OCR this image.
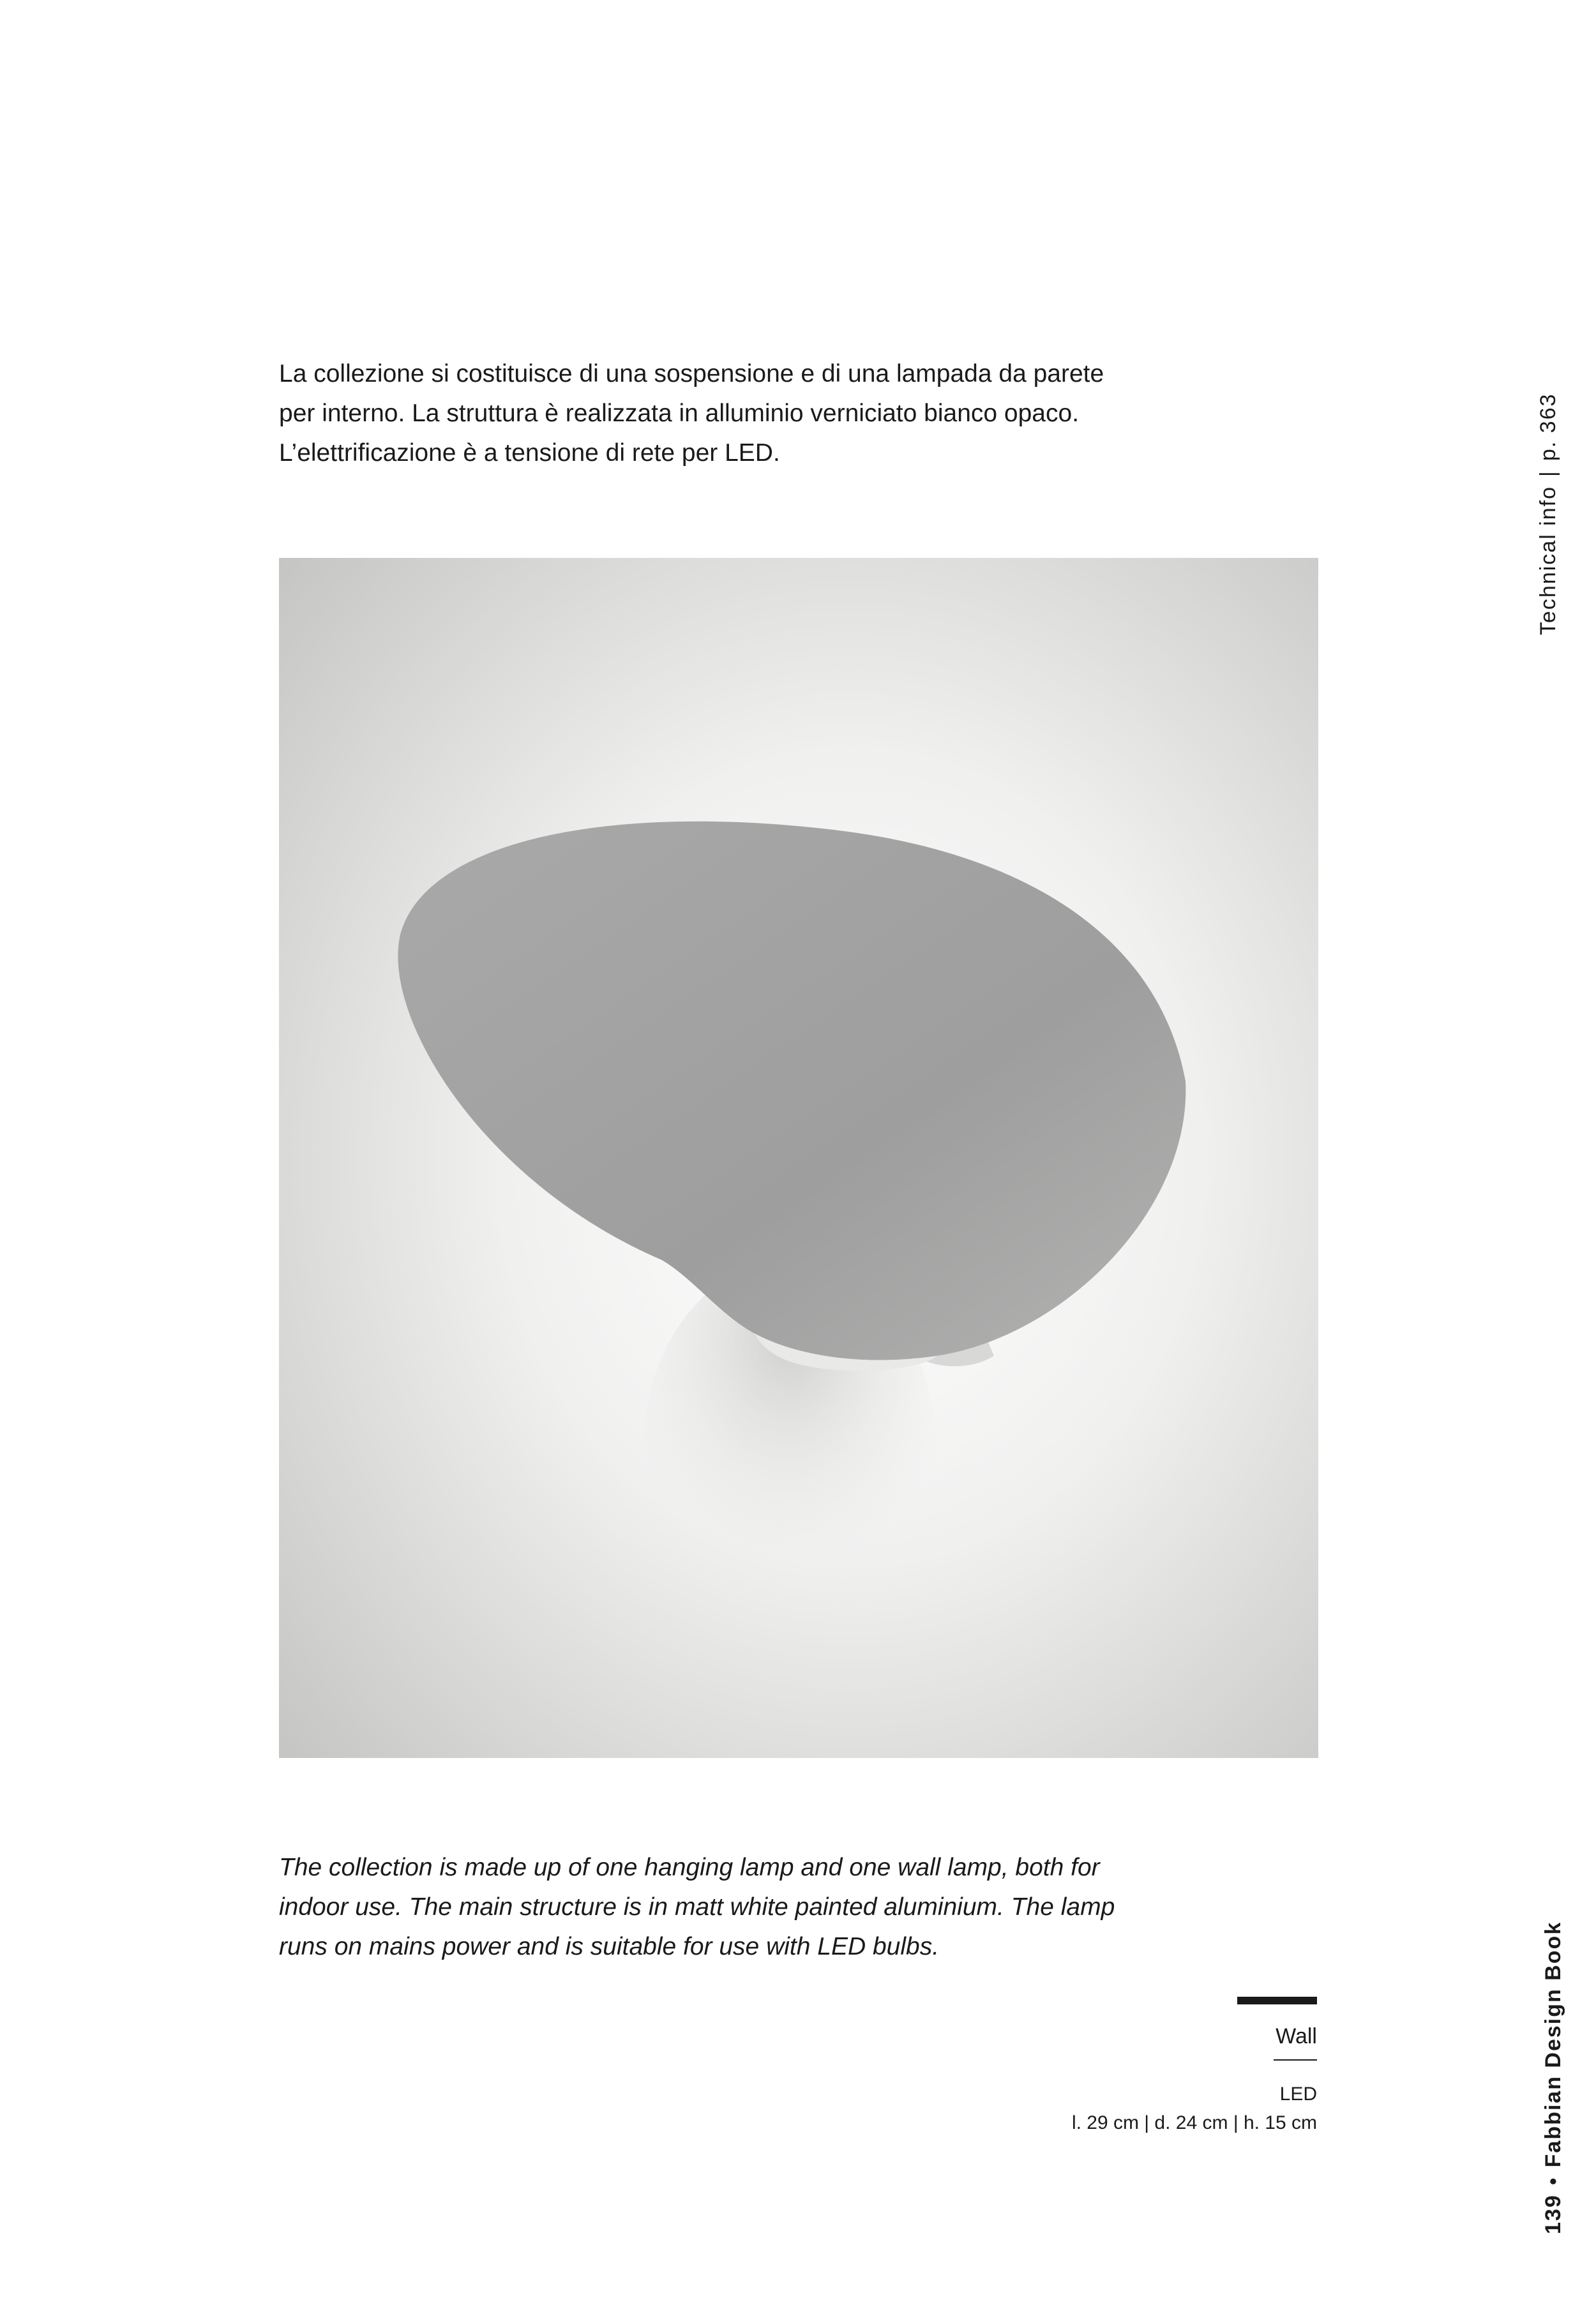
La collezione si costituisce di una sospensione e di una lampada da parete

per interno. La struttura è realizzata in alluminio verniciato bianco opaco.

L’elettrificazione è a tensione di rete per LED.

The collection is made up of one hanging lamp and one wall lamp, both for

indoor use. The main structure is in matt white painted aluminium. The lamp

runs on mains power and is suitable for use with LED bulbs.

Wall
LED
l. 29 cm | d. 24 cm | h. 15 cm
Technical info|p. 363
139•Fabbian Design Book
